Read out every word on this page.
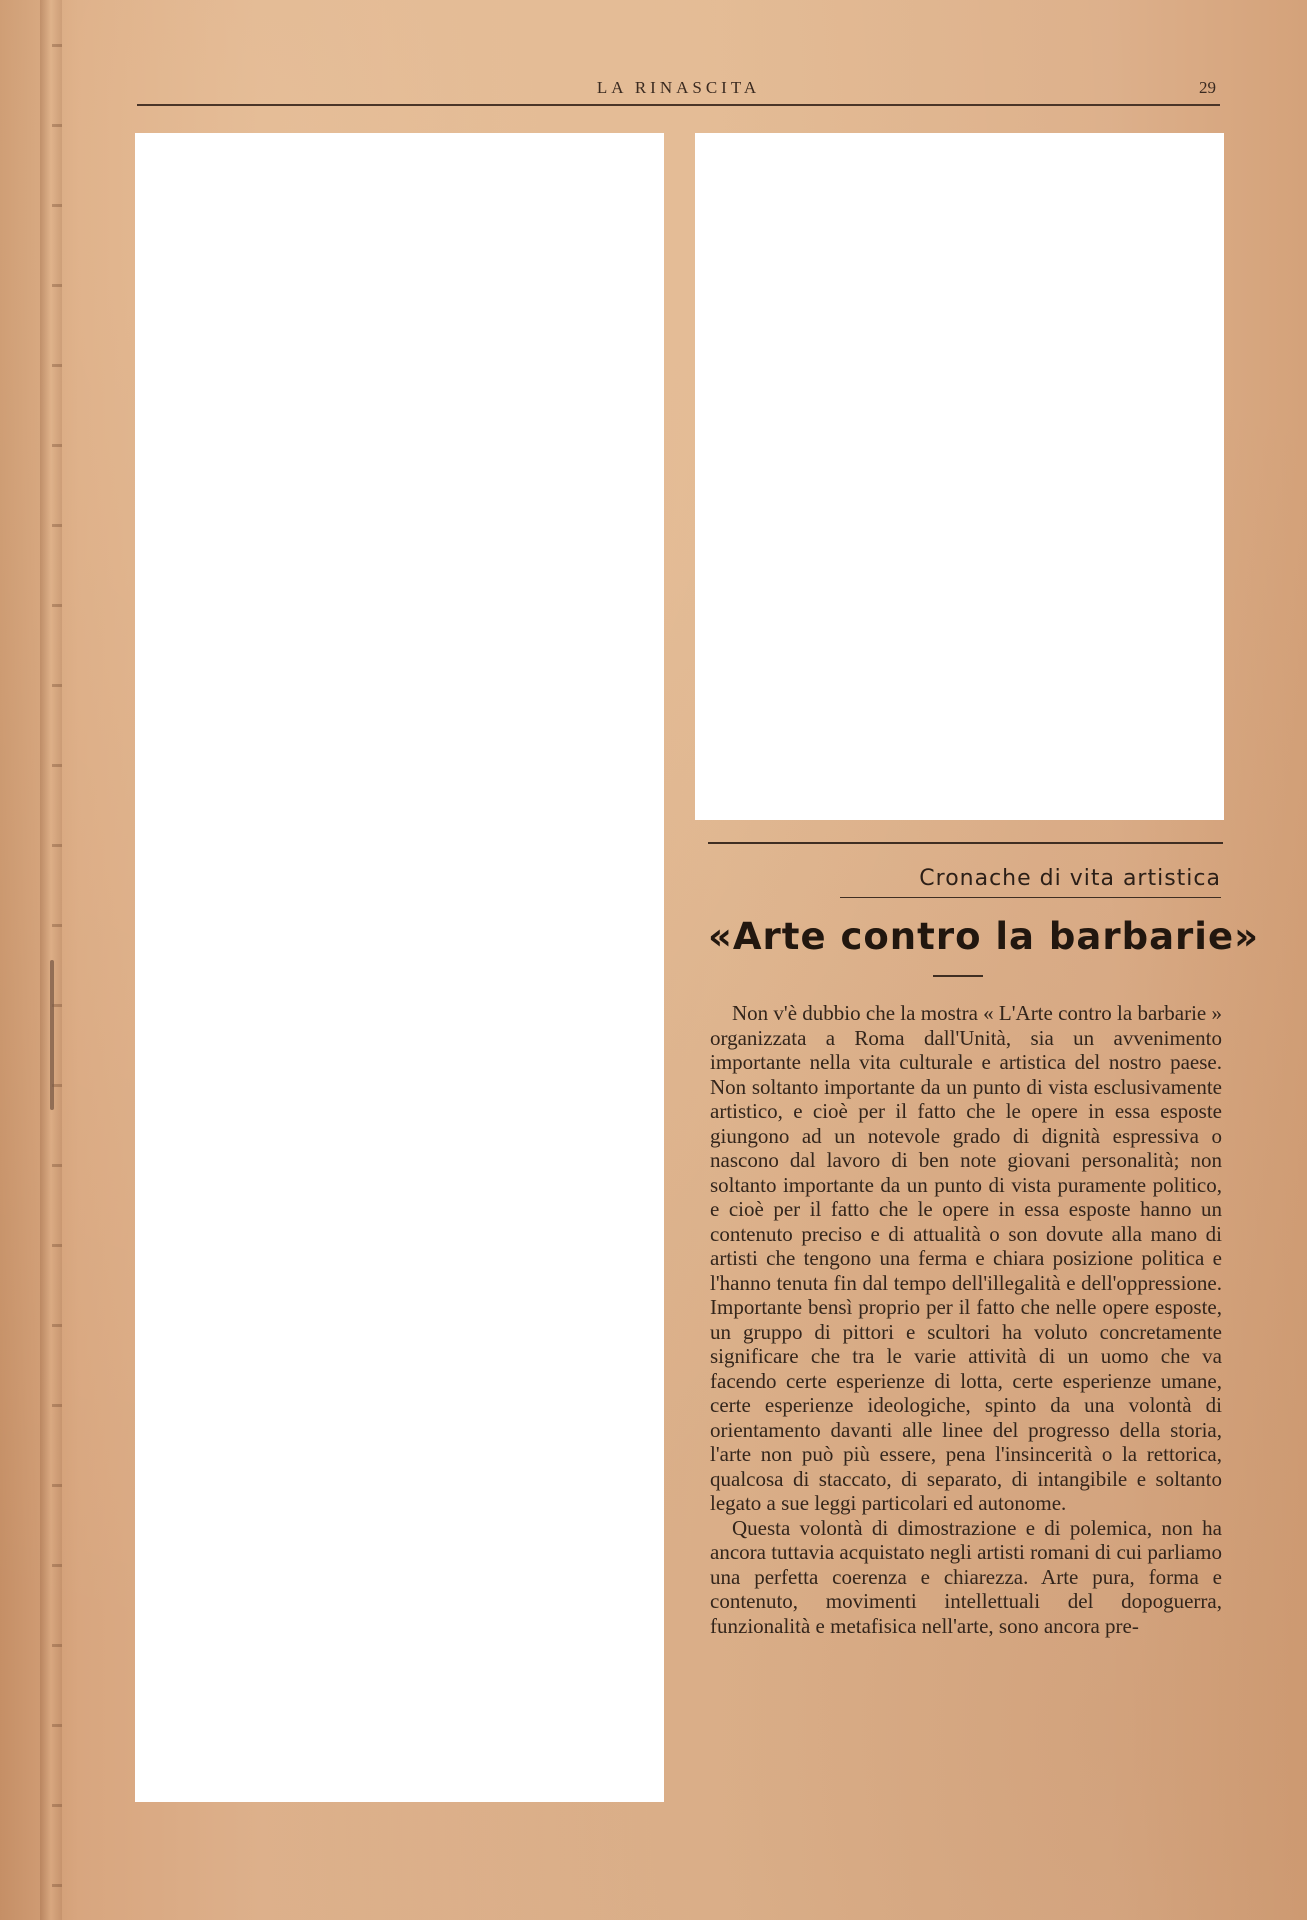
LA RINASCITA	29
Cronache di vita artistica
«Arte contro la barbarie»

Non v'è dubbio che la mostra « L'Arte contro la barbarie » organizzata a Roma dall'Unità, sia un avvenimento importante nella vita culturale e artistica del nostro paese. Non soltanto importante da un punto di vista esclusivamente artistico, e cioè per il fatto che le opere in essa esposte giungono ad un notevole grado di dignità espressiva o nascono dal lavoro di ben note giovani personalità; non soltanto importante da un punto di vista puramente politico, e cioè per il fatto che le opere in essa esposte hanno un contenuto preciso e di attualità o son dovute alla mano di artisti che tengono una ferma e chiara posizione politica e l'hanno tenuta fin dal tempo dell'illegalità e dell'oppressione. Importante bensì proprio per il fatto che nelle opere esposte, un gruppo di pittori e scultori ha voluto concretamente significare che tra le varie attività di un uomo che va facendo certe esperienze di lotta, certe esperienze umane, certe esperienze ideologiche, spinto da una volontà di orientamento davanti alle linee del progresso della storia, l'arte non può più essere, pena l'insincerità o la rettorica, qualcosa di staccato, di separato, di intangibile e soltanto legato a sue leggi particolari ed autonome.

Questa volontà di dimostrazione e di polemica, non ha ancora tuttavia acquistato negli artisti romani di cui parliamo una perfetta coerenza e chiarezza. Arte pura, forma e contenuto, movimenti intellettuali del dopoguerra, funzionalità e metafisica nell'arte, sono ancora pre-
